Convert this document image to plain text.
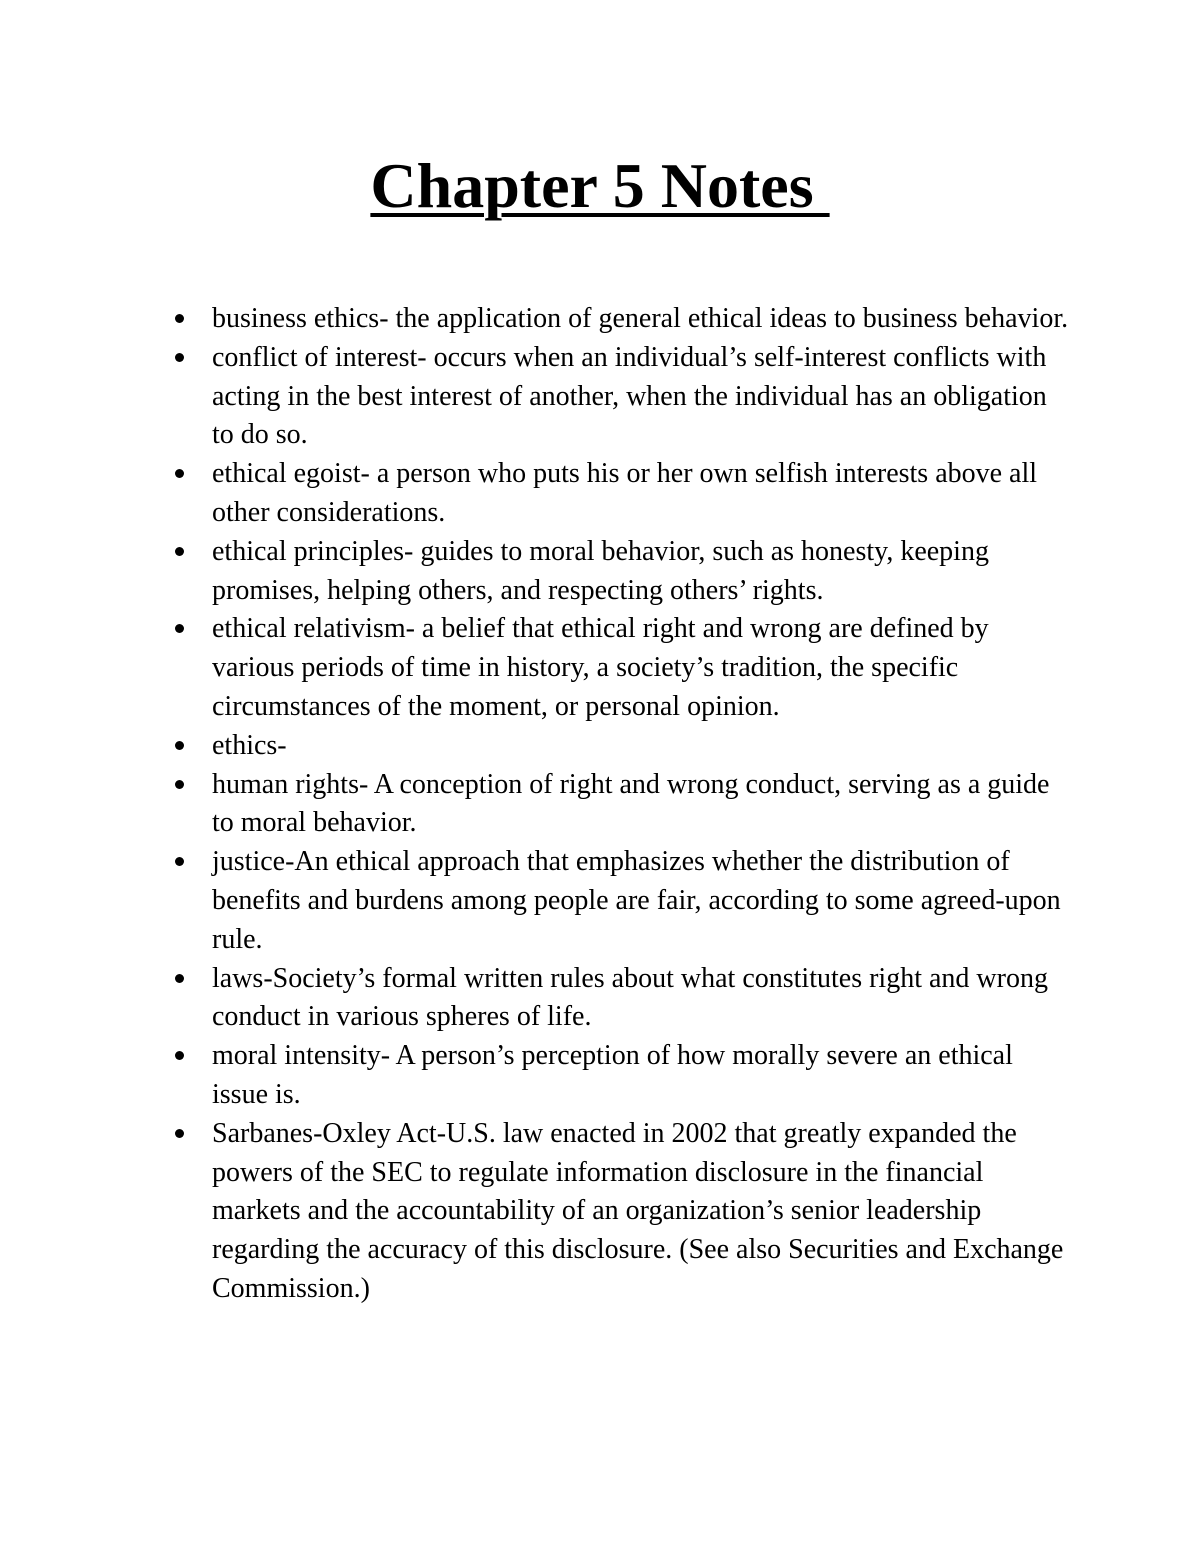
Chapter 5 Notes
business ethics- the application of general ethical ideas to business behavior.
conflict of interest- occurs when an individual’s self-interest conflicts with acting in the best interest of another, when the individual has an obligation to do so.
ethical egoist- a person who puts his or her own selfish interests above all other considerations.
ethical principles- guides to moral behavior, such as honesty, keeping promises, helping others, and respecting others’ rights.
ethical relativism- a belief that ethical right and wrong are defined by various periods of time in history, a society’s tradition, the specific circumstances of the moment, or personal opinion.
ethics-
human rights- A conception of right and wrong conduct, serving as a guide to moral behavior.
justice-An ethical approach that emphasizes whether the distribution of benefits and burdens among people are fair, according to some agreed-upon rule.
laws-Society’s formal written rules about what constitutes right and wrong conduct in various spheres of life.
moral intensity- A person’s perception of how morally severe an ethical issue is.
Sarbanes-Oxley Act-U.S. law enacted in 2002 that greatly expanded the powers of the SEC to regulate information disclosure in the financial markets and the accountability of an organization’s senior leadership regarding the accuracy of this disclosure. (See also Securities and Exchange Commission.)
